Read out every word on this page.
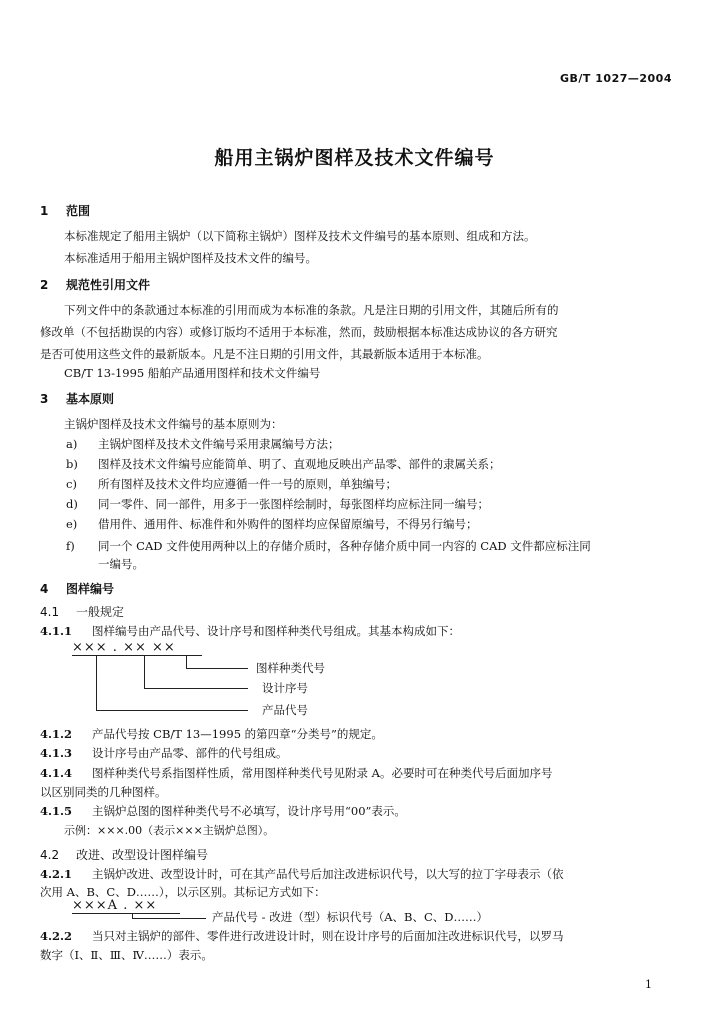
GB/T 1027—2004
船用主锅炉图样及技术文件编号
1 范围
本标准规定了船用主锅炉（以下简称主锅炉）图样及技术文件编号的基本原则、组成和方法。
本标准适用于船用主锅炉图样及技术文件的编号。
2 规范性引用文件
下列文件中的条款通过本标准的引用而成为本标准的条款。凡是注日期的引用文件，其随后所有的
修改单（不包括勘误的内容）或修订版均不适用于本标准，然而，鼓励根据本标准达成协议的各方研究
是否可使用这些文件的最新版本。凡是不注日期的引用文件，其最新版本适用于本标准。
CB/T 13-1995 船舶产品通用图样和技术文件编号
3 基本原则
主锅炉图样及技术文件编号的基本原则为：
a) 主锅炉图样及技术文件编号采用隶属编号方法；
b) 图样及技术文件编号应能简单、明了、直观地反映出产品零、部件的隶属关系；
c) 所有图样及技术文件均应遵循一件一号的原则，单独编号；
d) 同一零件、同一部件，用多于一张图样绘制时，每张图样均应标注同一编号；
e) 借用件、通用件、标准件和外购件的图样均应保留原编号，不得另行编号；
f) 同一个 CAD 文件使用两种以上的存储介质时，各种存储介质中同一内容的 CAD 文件都应标注同
一编号。
4 图样编号
4.1 一般规定
4.1.1 图样编号由产品代号、设计序号和图样种类代号组成。其基本构成如下：
××× . ×× ××
图样种类代号
设计序号
产品代号
4.1.2 产品代号按 CB/T 13—1995 的第四章“分类号”的规定。
4.1.3 设计序号由产品零、部件的代号组成。
4.1.4 图样种类代号系指图样性质，常用图样种类代号见附录 A。必要时可在种类代号后面加序号
以区别同类的几种图样。
4.1.5 主锅炉总图的图样种类代号不必填写，设计序号用“00”表示。
示例：×××.00（表示×××主锅炉总图）。
4.2 改进、改型设计图样编号
4.2.1 主锅炉改进、改型设计时，可在其产品代号后加注改进标识代号，以大写的拉丁字母表示（依
次用 A、B、C、D……），以示区别。其标记方式如下：
×××A . ××
产品代号 - 改进（型）标识代号（A、B、C、D……）
4.2.2 当只对主锅炉的部件、零件进行改进设计时，则在设计序号的后面加注改进标识代号，以罗马
数字（Ⅰ、Ⅱ、Ⅲ、Ⅳ……）表示。
1
